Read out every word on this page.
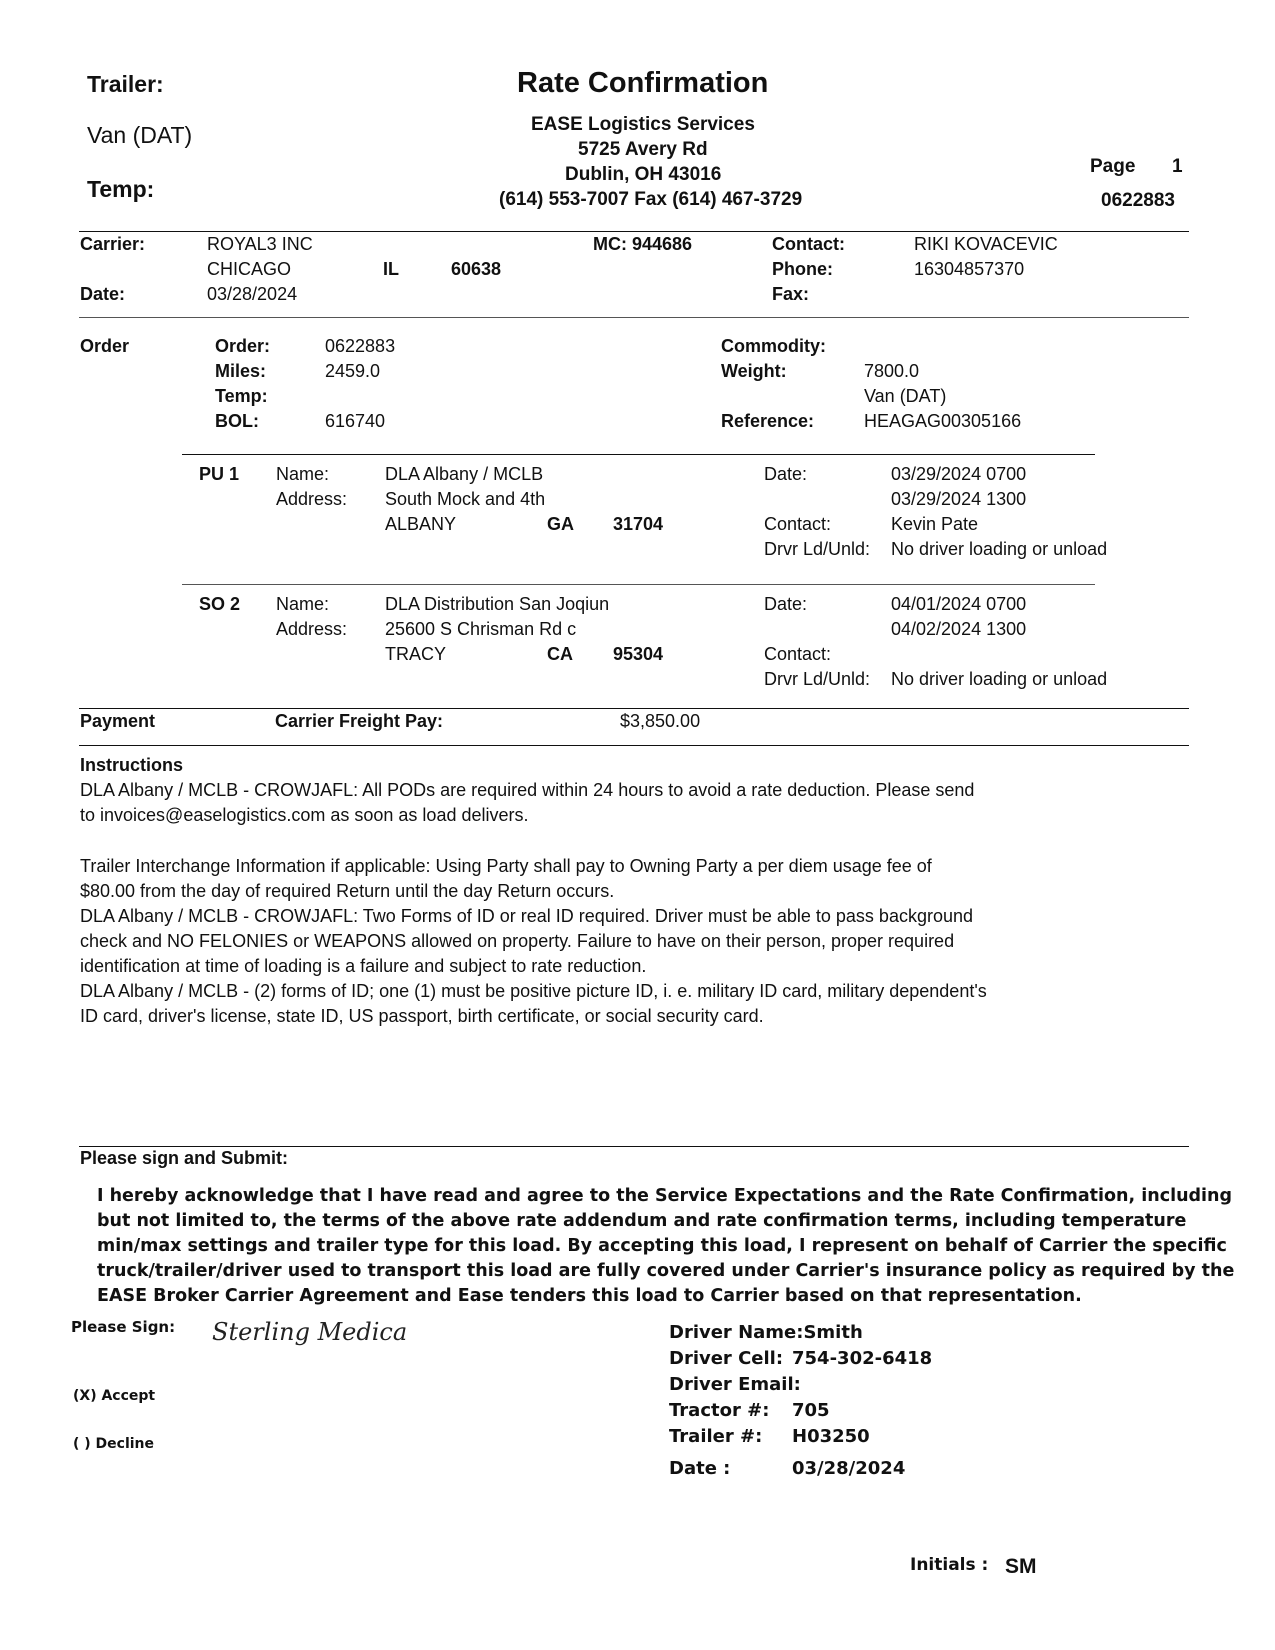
Trailer:
Van (DAT)
Temp:
Rate Confirmation
EASE Logistics Services
5725 Avery Rd
Dublin, OH 43016
(614) 553-7007 Fax (614) 467-3729
Page 1
0622883
Carrier:	ROYAL3 INC	MC: 944686	Contact:	RIKI KOVACEVIC
CHICAGO	IL	60638	Phone:	16304857370
Date:	03/28/2024	Fax:
Order	Order:	0622883
Miles:	2459.0
Temp:
BOL:	616740
Commodity:
Weight:	7800.0
Van (DAT)
Reference:	HEAGAG00305166
PU 1 Name:	DLA Albany / MCLB	Date:	03/29/2024 0700
Address: South Mock and 4th	03/29/2024 1300
ALBANY	GA 31704	Contact:	Kevin Pate
Drvr Ld/Unld: No driver loading or unload
SO 2 Name:	DLA Distribution San Joqiun	Date:	04/01/2024 0700
Address: 25600 S Chrisman Rd c	04/02/2024 1300
TRACY	CA 95304	Contact:
Drvr Ld/Unld: No driver loading or unload
Payment	Carrier Freight Pay:	$3,850.00
Instructions
DLA Albany / MCLB - CROWJAFL: All PODs are required within 24 hours to avoid a rate deduction. Please send
to invoices@easelogistics.com as soon as load delivers.
Trailer Interchange Information if applicable: Using Party shall pay to Owning Party a per diem usage fee of
$80.00 from the day of required Return until the day Return occurs.
DLA Albany / MCLB - CROWJAFL: Two Forms of ID or real ID required. Driver must be able to pass background
check and NO FELONIES or WEAPONS allowed on property. Failure to have on their person, proper required
identification at time of loading is a failure and subject to rate reduction.
DLA Albany / MCLB - (2) forms of ID; one (1) must be positive picture ID, i. e. military ID card, military dependent's
ID card, driver's license, state ID, US passport, birth certificate, or social security card.
Please sign and Submit:
I hereby acknowledge that I have read and agree to the Service Expectations and the Rate Confirmation, including
but not limited to, the terms of the above rate addendum and rate confirmation terms, including temperature
min/max settings and trailer type for this load. By accepting this load, I represent on behalf of Carrier the specific
truck/trailer/driver used to transport this load are fully covered under Carrier's insurance policy as required by the
EASE Broker Carrier Agreement and Ease tenders this load to Carrier based on that representation.
Please Sign: Sterling Medica
(X) Accept
( ) Decline
Driver Name:Smith
Driver Cell: 754-302-6418
Driver Email:
Tractor #: 705
Trailer #: H03250
Date :	03/28/2024
Initials : SM
